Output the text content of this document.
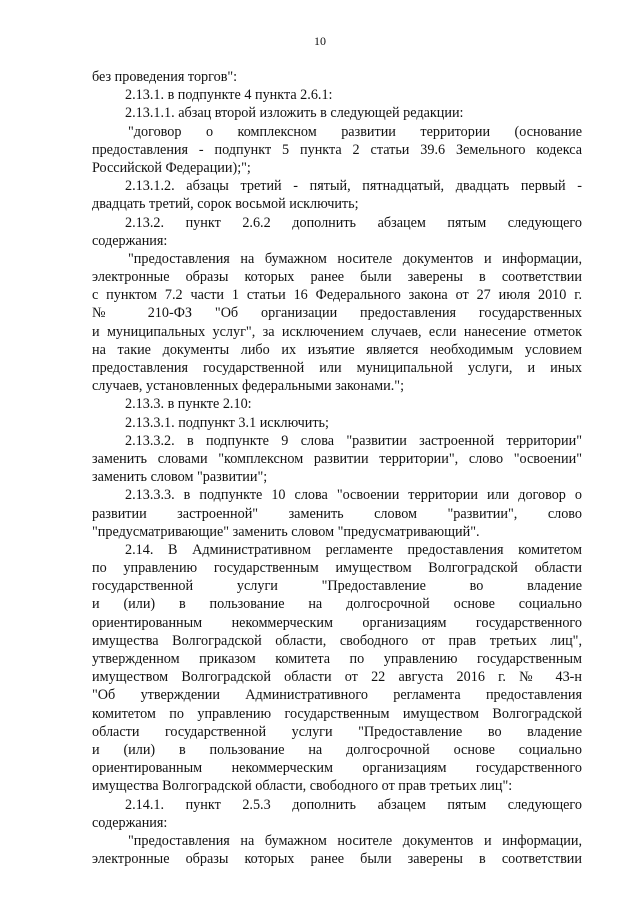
10
без проведения торгов":
2.13.1. в подпункте 4 пункта 2.6.1:
2.13.1.1. абзац второй изложить в следующей редакции:
"договор о комплексном развитии территории (основание
предоставления - подпункт 5 пункта 2 статьи 39.6 Земельного кодекса
Российской Федерации);";
2.13.1.2. абзацы третий - пятый, пятнадцатый, двадцать первый -
двадцать третий, сорок восьмой исключить;
2.13.2. пункт 2.6.2 дополнить абзацем пятым следующего
содержания:
"предоставления на бумажном носителе документов и информации,
электронные образы которых ранее были заверены в соответствии
с пунктом 7.2 части 1 статьи 16 Федерального закона от 27 июля 2010 г.
№ 210-ФЗ "Об организации предоставления государственных
и муниципальных услуг", за исключением случаев, если нанесение отметок
на такие документы либо их изъятие является необходимым условием
предоставления государственной или муниципальной услуги, и иных
случаев, установленных федеральными законами.";
2.13.3. в пункте 2.10:
2.13.3.1. подпункт 3.1 исключить;
2.13.3.2. в подпункте 9 слова "развитии застроенной территории"
заменить словами "комплексном развитии территории", слово "освоении"
заменить словом "развитии";
2.13.3.3. в подпункте 10 слова "освоении территории или договор о
развитии застроенной" заменить словом "развитии", слово
"предусматривающие" заменить словом "предусматривающий".
2.14. В Административном регламенте предоставления комитетом
по управлению государственным имуществом Волгоградской области
государственной услуги "Предоставление во владение
и (или) в пользование на долгосрочной основе социально
ориентированным некоммерческим организациям государственного
имущества Волгоградской области, свободного от прав третьих лиц",
утвержденном приказом комитета по управлению государственным
имуществом Волгоградской области от 22 августа 2016 г. № 43-н
"Об утверждении Административного регламента предоставления
комитетом по управлению государственным имуществом Волгоградской
области государственной услуги "Предоставление во владение
и (или) в пользование на долгосрочной основе социально
ориентированным некоммерческим организациям государственного
имущества Волгоградской области, свободного от прав третьих лиц":
2.14.1. пункт 2.5.3 дополнить абзацем пятым следующего
содержания:
"предоставления на бумажном носителе документов и информации,
электронные образы которых ранее были заверены в соответствии
